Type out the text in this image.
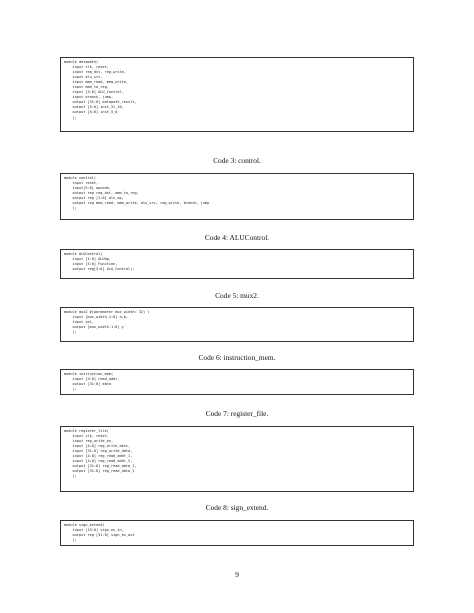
module datapath(
input clk, reset,
input reg_dst, reg_write,
input alu_src,
input mem_read, mem_write,
input mem_to_reg,
input [3:0] ALU_Control,
input branch, jump,
output [31:0] datapath_result,
output [5:0] inst_31_26,
output [5:0] inst_5_0
);
Code 3: control.
module control(
input reset,
input[5:0] opcode,
output reg reg_dst, mem_to_reg,
output reg [1:0] alu_op,
output reg mem_read, mem_write, alu_src, reg_write, branch, jump
);
Code 4: ALUControl.
module ALUControl(
input [1:0] ALUOp,
input [5:0] Function,
output reg[3:0] ALU_Control);
Code 5: mux2.
module mux2 #(parameter mux_width= 32) (
input [mux_width-1:0] a,b,
input sel,
output [mux_width-1:0] y
);
Code 6: instruction_mem.
module instruction_mem(
input [9:0] read_addr,
output [31:0] data
);
Code 7: register_file.
module register_file(
input clk, reset,
input reg_write_en,
input [4:0] reg_write_dest,
input [31:0] reg_write_data,
input [4:0] reg_read_addr_1,
input [4:0] reg_read_addr_2,
output [31:0] reg_read_data_1,
output [31:0] reg_read_data_2
);
Code 8: sign_extend.
module sign_extend(
input [15:0] sign_ex_in,
output reg [31:0] sign_ex_out
);
9
